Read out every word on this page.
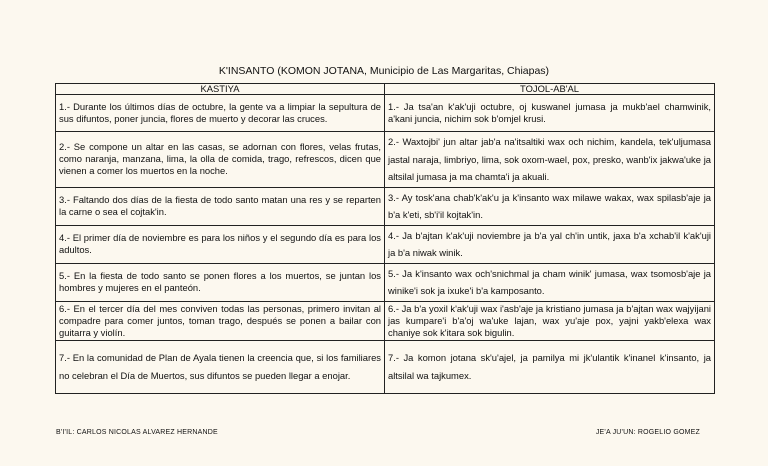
K'INSANTO (KOMON JOTANA, Municipio de Las Margaritas, Chiapas)
KASTIYA	TOJOL-AB'AL
1.- Durante los últimos días de octubre, la gente va a limpiar la sepultura de sus difuntos, poner juncia, flores de muerto y decorar las cruces.	1.- Ja tsa'an k'ak'uji octubre, oj kuswanel jumasa ja mukb'ael chamwinik, a'kani juncia, nichim sok b'omjel krusi.
2.- Se compone un altar en las casas, se adornan con flores, velas frutas, como naranja, manzana, lima, la olla de comida, trago, refrescos, dicen que vienen a comer los muertos en la noche.	2.- Waxtojbi' jun altar jab'a na'itsaltiki wax och nichim, kandela, tek'uljumasa jastal naraja, limbriyo, lima, sok oxom-wael, pox, presko, wanb'ix jakwa'uke ja altsilal jumasa ja ma chamta'i ja akuali.
3.- Faltando dos días de la fiesta de todo santo matan una res y se reparten la carne o sea el cojtak'in.	3.- Ay tosk'ana chab'k'ak'u ja k'insanto wax milawe wakax, wax spilasb'aje ja b'a k'eti, sb'i'il kojtak'in.
4.- El primer día de noviembre es para los niños y el segundo día es para los adultos.	4.- Ja b'ajtan k'ak'uji noviembre ja b'a yal ch'in untik, jaxa b'a xchab'il k'ak'uji ja b'a niwak winik.
5.- En la fiesta de todo santo se ponen flores a los muertos, se juntan los hombres y mujeres en el panteón.	5.- Ja k'insanto wax och'snichmal ja cham winik' jumasa, wax tsomosb'aje ja winike'i sok ja ixuke'i b'a kamposanto.
6.- En el tercer día del mes conviven todas las personas, primero invitan al compadre para comer juntos, toman trago, después se ponen a bailar con guitarra y violín.	6.- Ja b'a yoxil k'ak'uji wax i'asb'aje ja kristiano jumasa ja b'ajtan wax wajyijani jas kumpare'i b'a'oj wa'uke lajan, wax yu'aje pox, yajni yakb'elexa wax chaniye sok k'itara sok bigulin.
7.- En la comunidad de Plan de Ayala tienen la creencia que, si los familiares no celebran el Día de Muertos, sus difuntos se pueden llegar a enojar.	7.- Ja komon jotana sk'u'ajel, ja pamilya mi jk'ulantik k'inanel k'insanto, ja altsilal wa tajkumex.
B'I'IL: CARLOS NICOLAS ALVAREZ HERNANDE	JE'A JU'UN: ROGELIO GOMEZ
